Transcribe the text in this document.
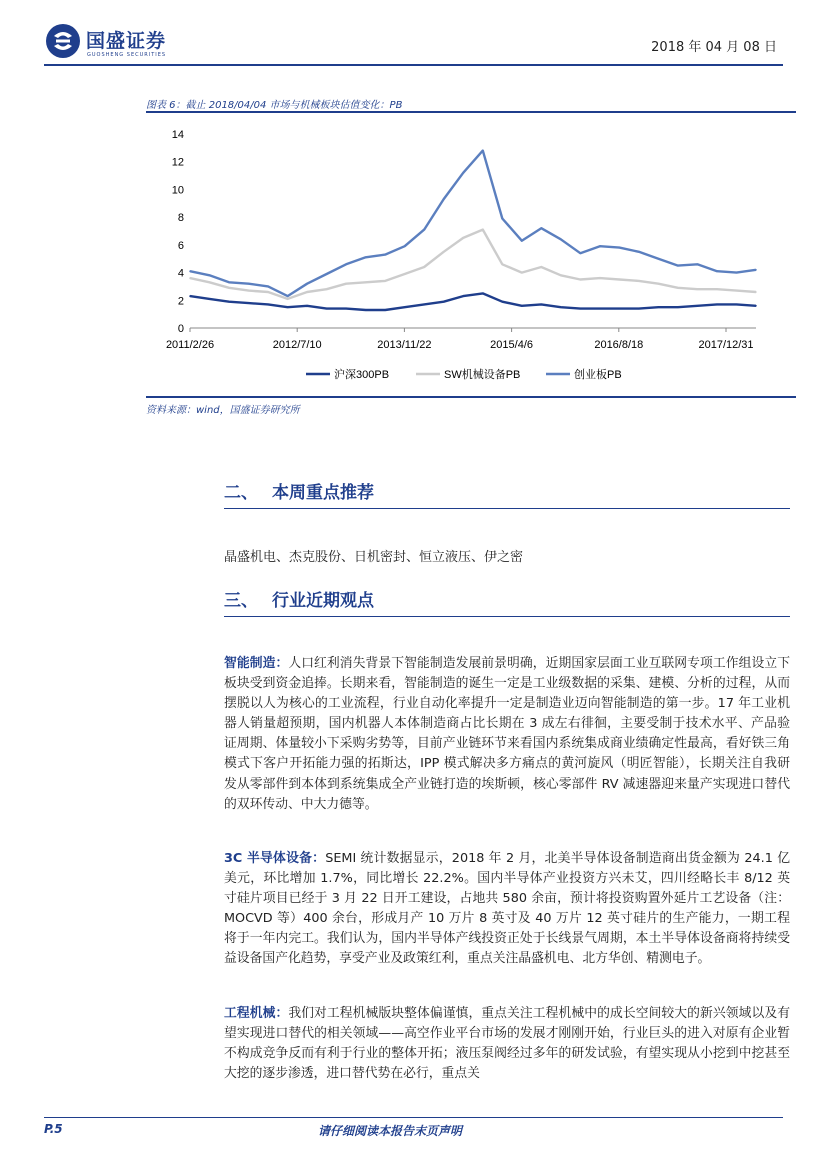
国盛证券
GUOSHENG SECURITIES	2018 年 04 月 08 日
图表 6：截止 2018/04/04 市场与机械板块估值变化：PB
0
2
4
6
8
10
12
14
2011/2/26	2012/7/10	2013/11/22	2015/4/6	2016/8/18	2017/12/31
沪深300PB	SW机械设备PB	创业板PB
资料来源：wind，国盛证券研究所
二、 本周重点推荐
晶盛机电、杰克股份、日机密封、恒立液压、伊之密
三、 行业近期观点
智能制造：人口红利消失背景下智能制造发展前景明确，近期国家层面工业互联网专项工作组设立下板块受到资金追捧。长期来看，智能制造的诞生一定是工业级数据的采集、建模、分析的过程，从而摆脱以人为核心的工业流程，行业自动化率提升一定是制造业迈向智能制造的第一步。17 年工业机器人销量超预期，国内机器人本体制造商占比长期在 3 成左右徘徊，主要受制于技术水平、产品验证周期、体量较小下采购劣势等，目前产业链环节来看国内系统集成商业绩确定性最高，看好铁三角模式下客户开拓能力强的拓斯达，IPP 模式解决多方痛点的黄河旋风（明匠智能），长期关注自我研发从零部件到本体到系统集成全产业链打造的埃斯顿，核心零部件 RV 减速器迎来量产实现进口替代的双环传动、中大力德等。
3C 半导体设备：SEMI 统计数据显示，2018 年 2 月，北美半导体设备制造商出货金额为 24.1 亿美元，环比增加 1.7%，同比增长 22.2%。国内半导体产业投资方兴未艾，四川经略长丰 8/12 英寸硅片项目已经于 3 月 22 日开工建设，占地共 580 余亩，预计将投资购置外延片工艺设备（注：MOCVD 等）400 余台，形成月产 10 万片 8 英寸及 40 万片 12 英寸硅片的生产能力，一期工程将于一年内完工。我们认为，国内半导体产线投资正处于长线景气周期，本土半导体设备商将持续受益设备国产化趋势，享受产业及政策红利，重点关注晶盛机电、北方华创、精测电子。
工程机械：我们对工程机械版块整体偏谨慎，重点关注工程机械中的成长空间较大的新兴领域以及有望实现进口替代的相关领域——高空作业平台市场的发展才刚刚开始，行业巨头的进入对原有企业暂不构成竞争反而有利于行业的整体开拓；液压泵阀经过多年的研发试验，有望实现从小挖到中挖甚至大挖的逐步渗透，进口替代势在必行，重点关
P.5	请仔细阅读本报告末页声明
